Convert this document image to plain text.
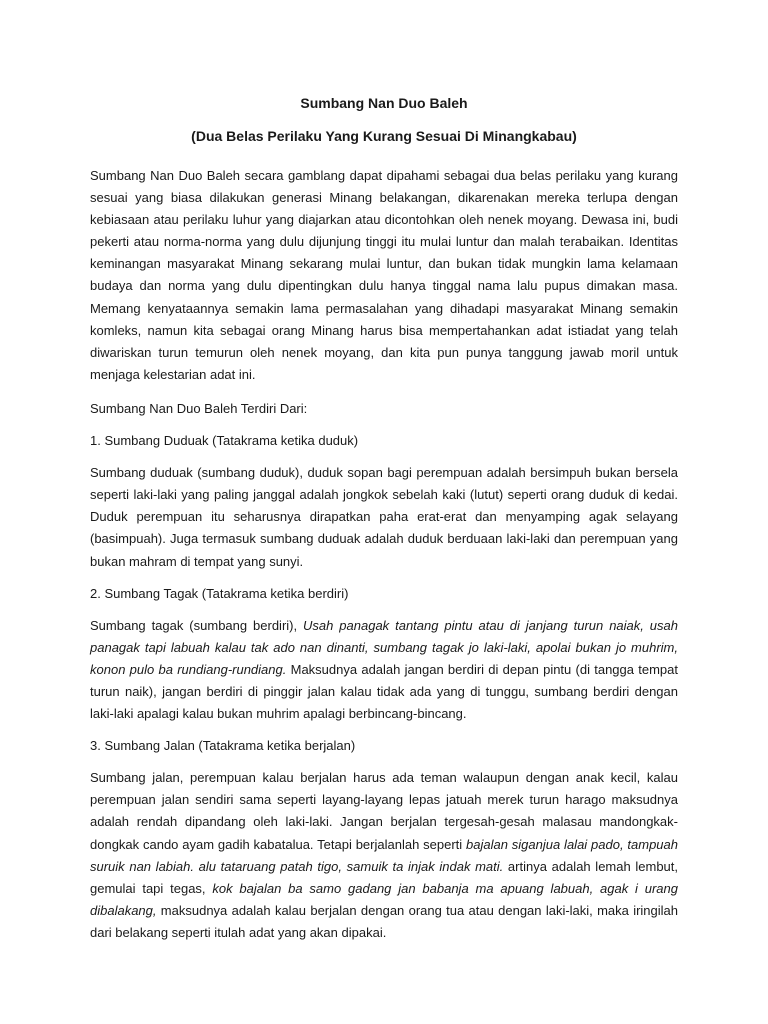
Sumbang Nan Duo Baleh
(Dua Belas Perilaku Yang Kurang Sesuai Di Minangkabau)

Sumbang Nan Duo Baleh secara gamblang dapat dipahami sebagai dua belas perilaku yang kurang sesuai yang biasa dilakukan generasi Minang belakangan, dikarenakan mereka terlupa dengan kebiasaan atau perilaku luhur yang diajarkan atau dicontohkan oleh nenek moyang. Dewasa ini, budi pekerti atau norma-norma yang dulu dijunjung tinggi itu mulai luntur dan malah terabaikan. Identitas keminangan masyarakat Minang sekarang mulai luntur, dan bukan tidak mungkin lama kelamaan budaya dan norma yang dulu dipentingkan dulu hanya tinggal nama lalu pupus dimakan masa. Memang kenyataannya semakin lama permasalahan yang dihadapi masyarakat Minang semakin komleks, namun kita sebagai orang Minang harus bisa mempertahankan adat istiadat yang telah diwariskan turun temurun oleh nenek moyang, dan kita pun punya tanggung jawab moril untuk menjaga kelestarian adat ini.

Sumbang Nan Duo Baleh Terdiri Dari:

1. Sumbang Duduak (Tatakrama ketika duduk)

Sumbang duduak (sumbang duduk), duduk sopan bagi perempuan adalah bersimpuh bukan bersela seperti laki-laki yang paling janggal adalah jongkok sebelah kaki (lutut) seperti orang duduk di kedai. Duduk perempuan itu seharusnya dirapatkan paha erat-erat dan menyamping agak selayang (basimpuah). Juga termasuk sumbang duduak adalah duduk berduaan laki-laki dan perempuan yang bukan mahram di tempat yang sunyi.

2. Sumbang Tagak (Tatakrama ketika berdiri)

Sumbang tagak (sumbang berdiri), Usah panagak tantang pintu atau di janjang turun naiak, usah panagak tapi labuah kalau tak ado nan dinanti, sumbang tagak jo laki-laki, apolai bukan jo muhrim, konon pulo ba rundiang-rundiang. Maksudnya adalah jangan berdiri di depan pintu (di tangga tempat turun naik), jangan berdiri di pinggir jalan kalau tidak ada yang di tunggu, sumbang berdiri dengan laki-laki apalagi kalau bukan muhrim apalagi berbincang-bincang.

3. Sumbang Jalan (Tatakrama ketika berjalan)

Sumbang jalan, perempuan kalau berjalan harus ada teman walaupun dengan anak kecil, kalau perempuan jalan sendiri sama seperti layang-layang lepas jatuah merek turun harago maksudnya adalah rendah dipandang oleh laki-laki. Jangan berjalan tergesah-gesah malasau mandongkak-dongkak cando ayam gadih kabatalua. Tetapi berjalanlah seperti bajalan siganjua lalai pado, tampuah suruik nan labiah. alu tataruang patah tigo, samuik ta injak indak mati. artinya adalah lemah lembut, gemulai tapi tegas, kok bajalan ba samo gadang jan babanja ma apuang labuah, agak i urang dibalakang, maksudnya adalah kalau berjalan dengan orang tua atau dengan laki-laki, maka iringilah dari belakang seperti itulah adat yang akan dipakai.
